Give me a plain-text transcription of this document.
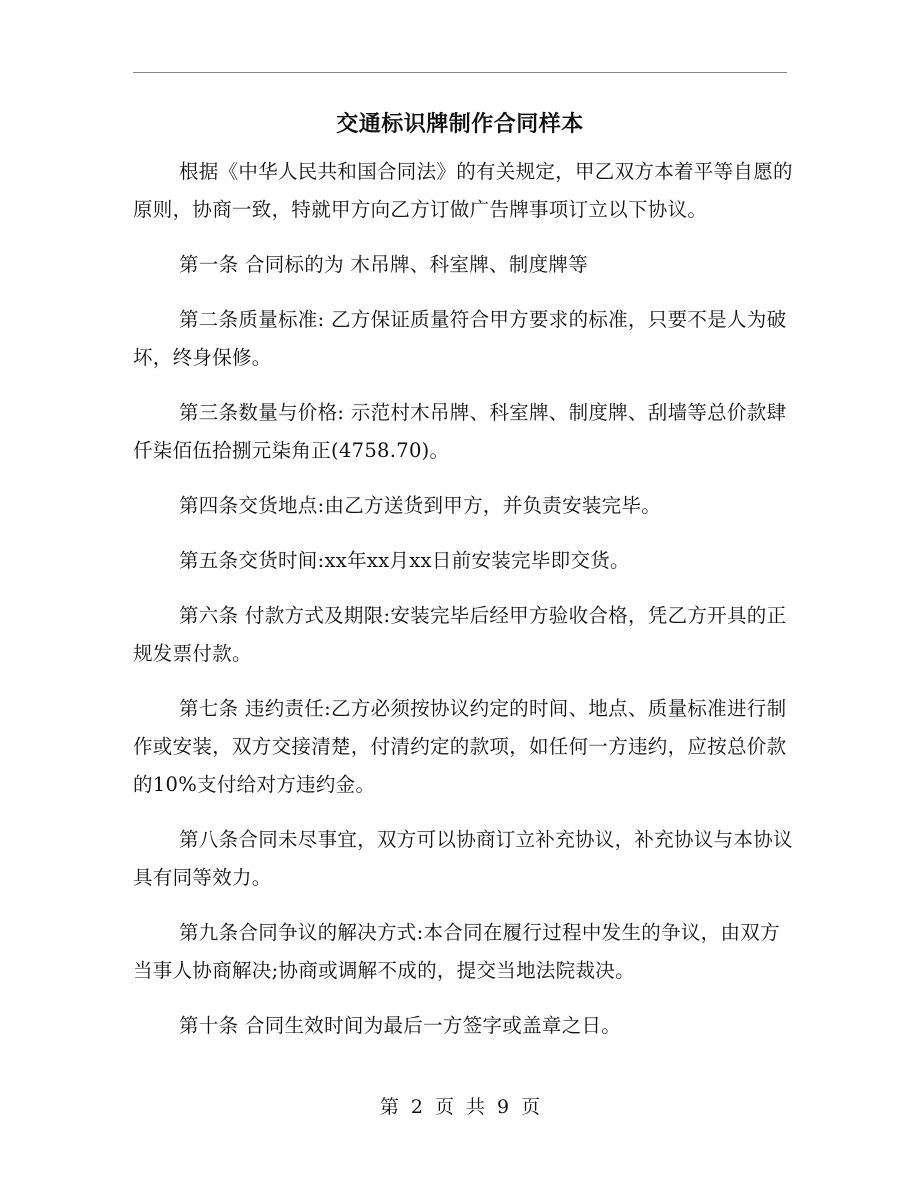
交通标识牌制作合同样本

根据《中华人民共和国合同法》的有关规定，甲乙双方本着平等自愿的原则，协商一致，特就甲方向乙方订做广告牌事项订立以下协议。

第一条 合同标的为 木吊牌、科室牌、制度牌等

第二条质量标准: 乙方保证质量符合甲方要求的标准，只要不是人为破坏，终身保修。

第三条数量与价格: 示范村木吊牌、科室牌、制度牌、刮墙等总价款肆仟柒佰伍拾捌元柒角正(4758.70)。

第四条交货地点:由乙方送货到甲方，并负责安装完毕。

第五条交货时间:xx年xx月xx日前安装完毕即交货。

第六条 付款方式及期限:安装完毕后经甲方验收合格，凭乙方开具的正规发票付款。

第七条 违约责任:乙方必须按协议约定的时间、地点、质量标准进行制作或安装，双方交接清楚，付清约定的款项，如任何一方违约，应按总价款的10%支付给对方违约金。

第八条合同未尽事宜，双方可以协商订立补充协议，补充协议与本协议具有同等效力。

第九条合同争议的解决方式:本合同在履行过程中发生的争议，由双方当事人协商解决;协商或调解不成的，提交当地法院裁决。

第十条 合同生效时间为最后一方签字或盖章之日。

第 2 页 共 9 页
